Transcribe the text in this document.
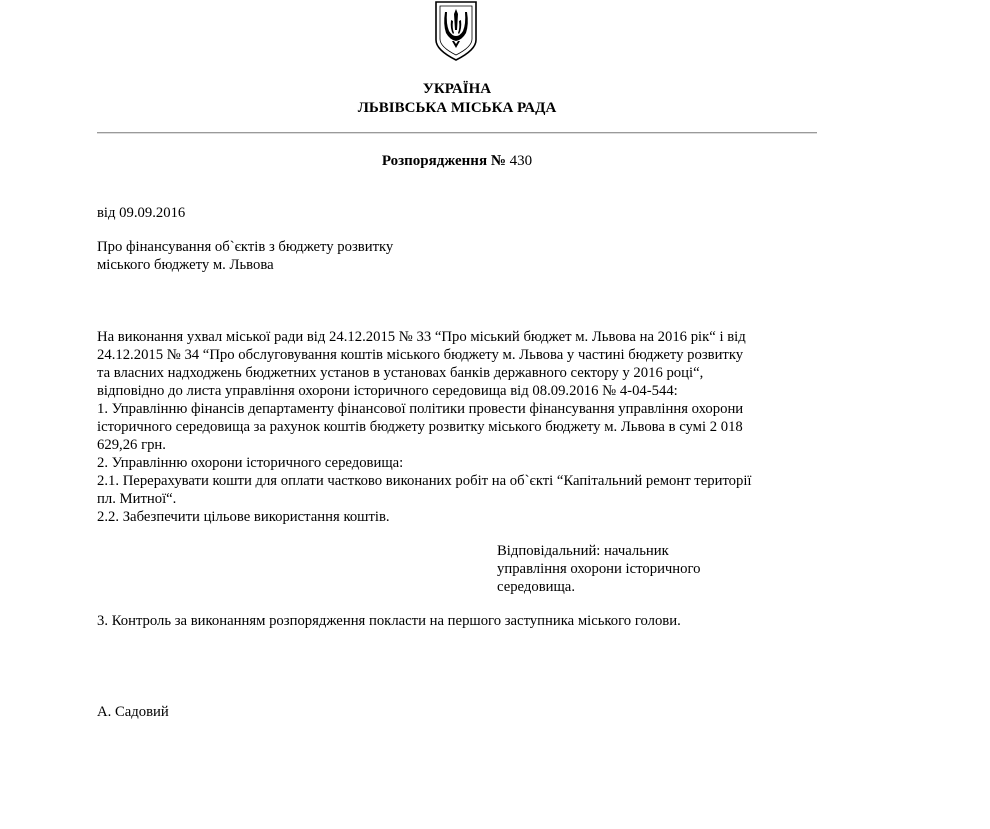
УКРАЇНА
ЛЬВІВСЬКА МІСЬКА РАДА
Розпорядження № 430
від 09.09.2016
Про фінансування об`єктів з бюджету розвитку
міського бюджету м. Львова
На виконання ухвал міської ради від 24.12.2015 № 33 “Про міський бюджет м. Львова на 2016 рік“ і від
24.12.2015 № 34 “Про обслуговування коштів міського бюджету м. Львова у частині бюджету розвитку
та власних надходжень бюджетних установ в установах банків державного сектору у 2016 році“,
відповідно до листа управління охорони історичного середовища від 08.09.2016 № 4-04-544:
1. Управлінню фінансів департаменту фінансової політики провести фінансування управління охорони
історичного середовища за рахунок коштів бюджету розвитку міського бюджету м. Львова в сумі 2 018
629,26 грн.
2. Управлінню охорони історичного середовища:
2.1. Перерахувати кошти для оплати частково виконаних робіт на об`єкті “Капітальний ремонт території
пл. Митної“.
2.2. Забезпечити цільове використання коштів.
Відповідальний: начальник
управління охорони історичного
середовища.
3. Контроль за виконанням розпорядження покласти на першого заступника міського голови.
А. Садовий
